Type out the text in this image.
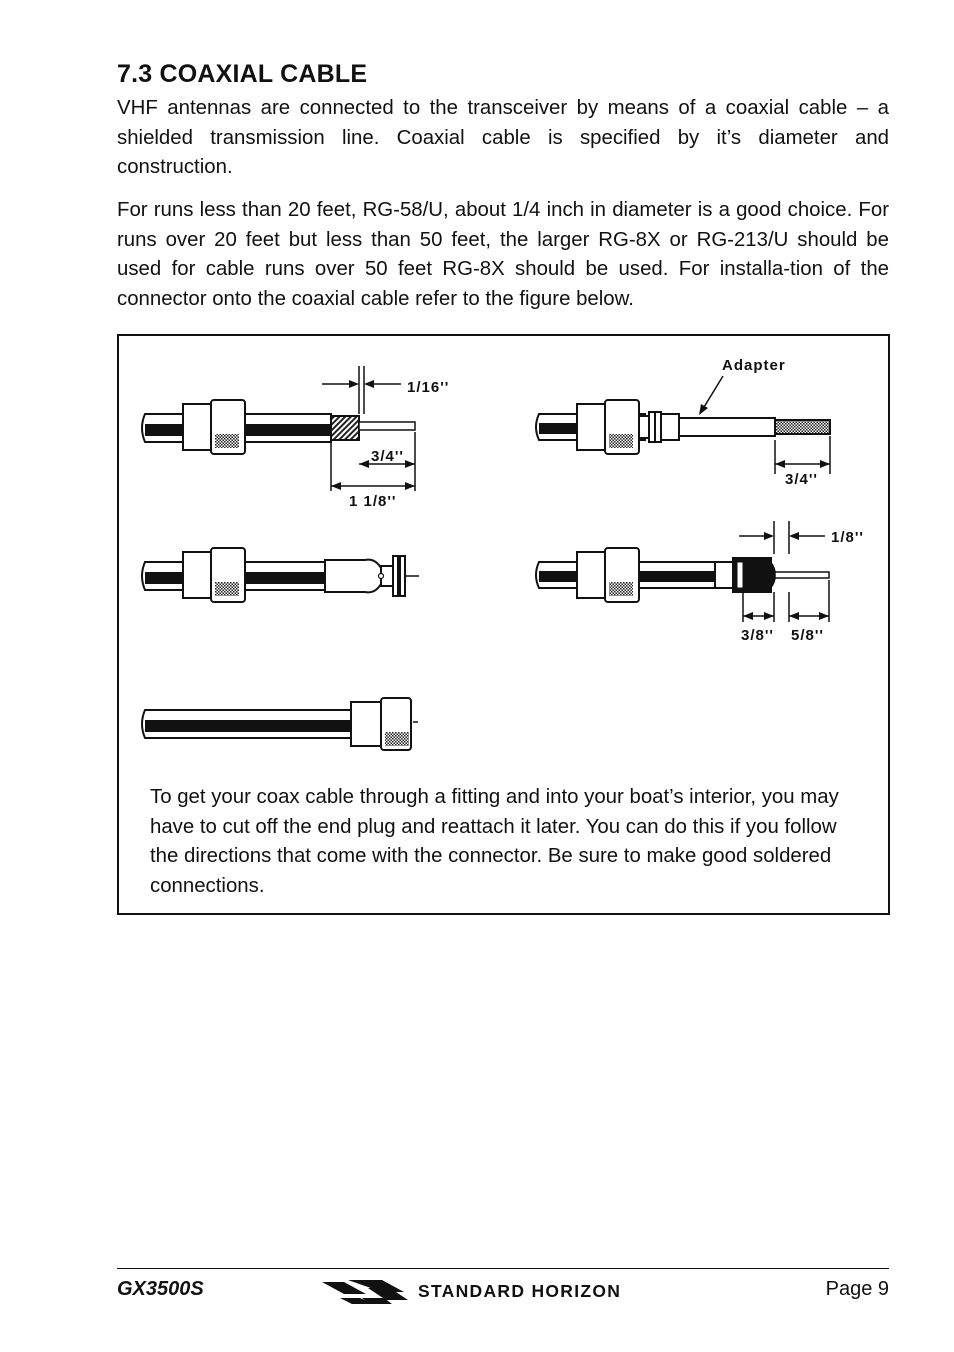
7.3 COAXIAL CABLE

VHF antennas are connected to the transceiver by means of a coaxial cable – a shielded transmission line. Coaxial cable is specified by it’s diameter and construction.

For runs less than 20 feet, RG-58/U, about 1/4 inch in diameter is a good choice. For runs over 20 feet but less than 50 feet, the larger RG-8X or RG-213/U should be used for cable runs over 50 feet RG-8X should be used. For installa-tion of the connector onto the coaxial cable refer to the figure below.

1/16''
3/4''
1 1/8''
Adapter
3/4''
1/8''
3/8'' 5/8''

To get your coax cable through a fitting and into your boat’s interior, you may have to cut off the end plug and reattach it later. You can do this if you follow the directions that come with the connector. Be sure to make good soldered connections.

GX3500S	STANDARD HORIZON	Page 9
